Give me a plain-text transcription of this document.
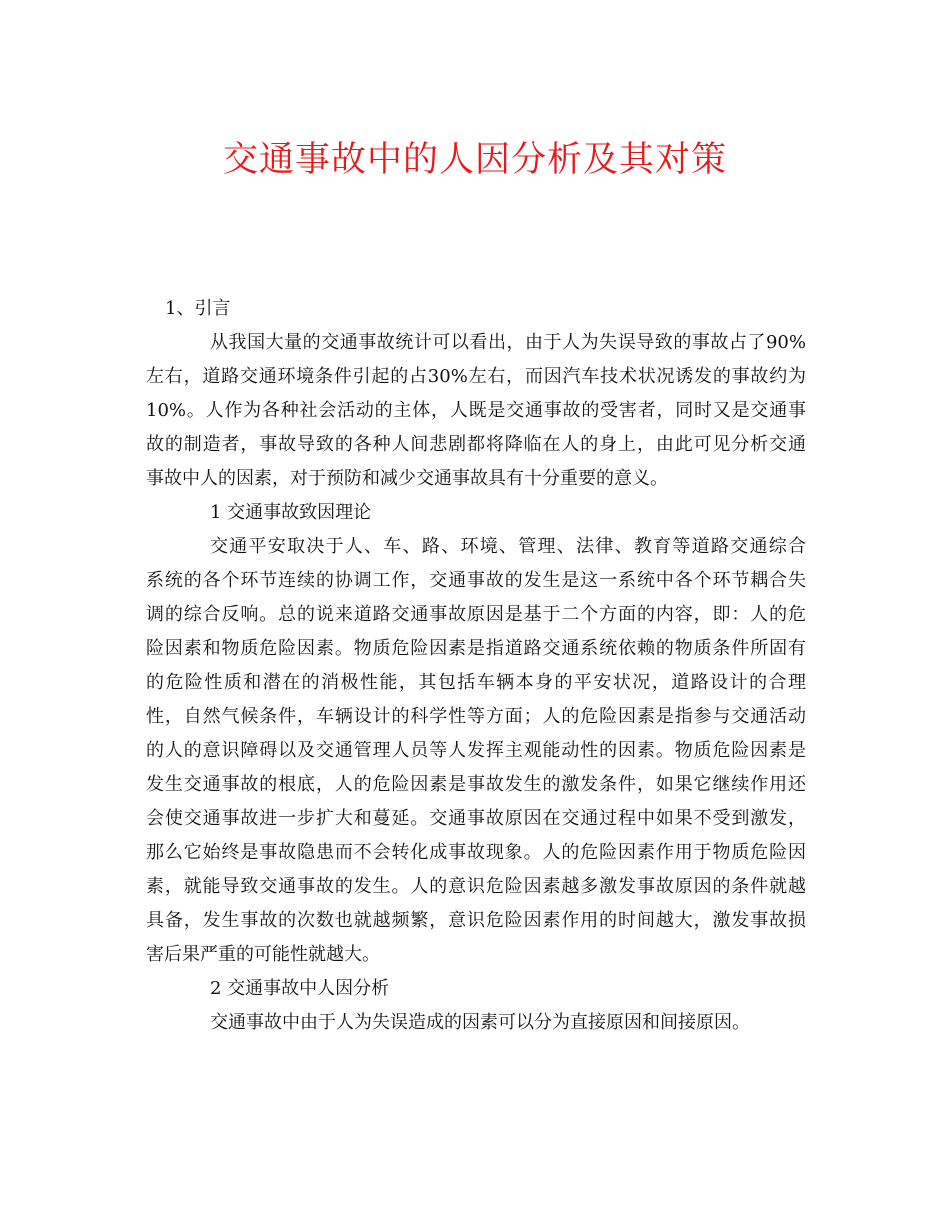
交通事故中的人因分析及其对策
1、引言
从我国大量的交通事故统计可以看出，由于人为失误导致的事故占了90%
左右，道路交通环境条件引起的占30%左右，而因汽车技术状况诱发的事故约为
10%。人作为各种社会活动的主体，人既是交通事故的受害者，同时又是交通事
故的制造者，事故导致的各种人间悲剧都将降临在人的身上，由此可见分析交通
事故中人的因素，对于预防和减少交通事故具有十分重要的意义。
1 交通事故致因理论
交通平安取决于人、车、路、环境、管理、法律、教育等道路交通综合
系统的各个环节连续的协调工作，交通事故的发生是这一系统中各个环节耦合失
调的综合反响。总的说来道路交通事故原因是基于二个方面的内容，即：人的危
险因素和物质危险因素。物质危险因素是指道路交通系统依赖的物质条件所固有
的危险性质和潜在的消极性能，其包括车辆本身的平安状况，道路设计的合理
性，自然气候条件，车辆设计的科学性等方面；人的危险因素是指参与交通活动
的人的意识障碍以及交通管理人员等人发挥主观能动性的因素。物质危险因素是
发生交通事故的根底，人的危险因素是事故发生的激发条件，如果它继续作用还
会使交通事故进一步扩大和蔓延。交通事故原因在交通过程中如果不受到激发，
那么它始终是事故隐患而不会转化成事故现象。人的危险因素作用于物质危险因
素，就能导致交通事故的发生。人的意识危险因素越多激发事故原因的条件就越
具备，发生事故的次数也就越频繁，意识危险因素作用的时间越大，激发事故损
害后果严重的可能性就越大。
2 交通事故中人因分析
交通事故中由于人为失误造成的因素可以分为直接原因和间接原因。
